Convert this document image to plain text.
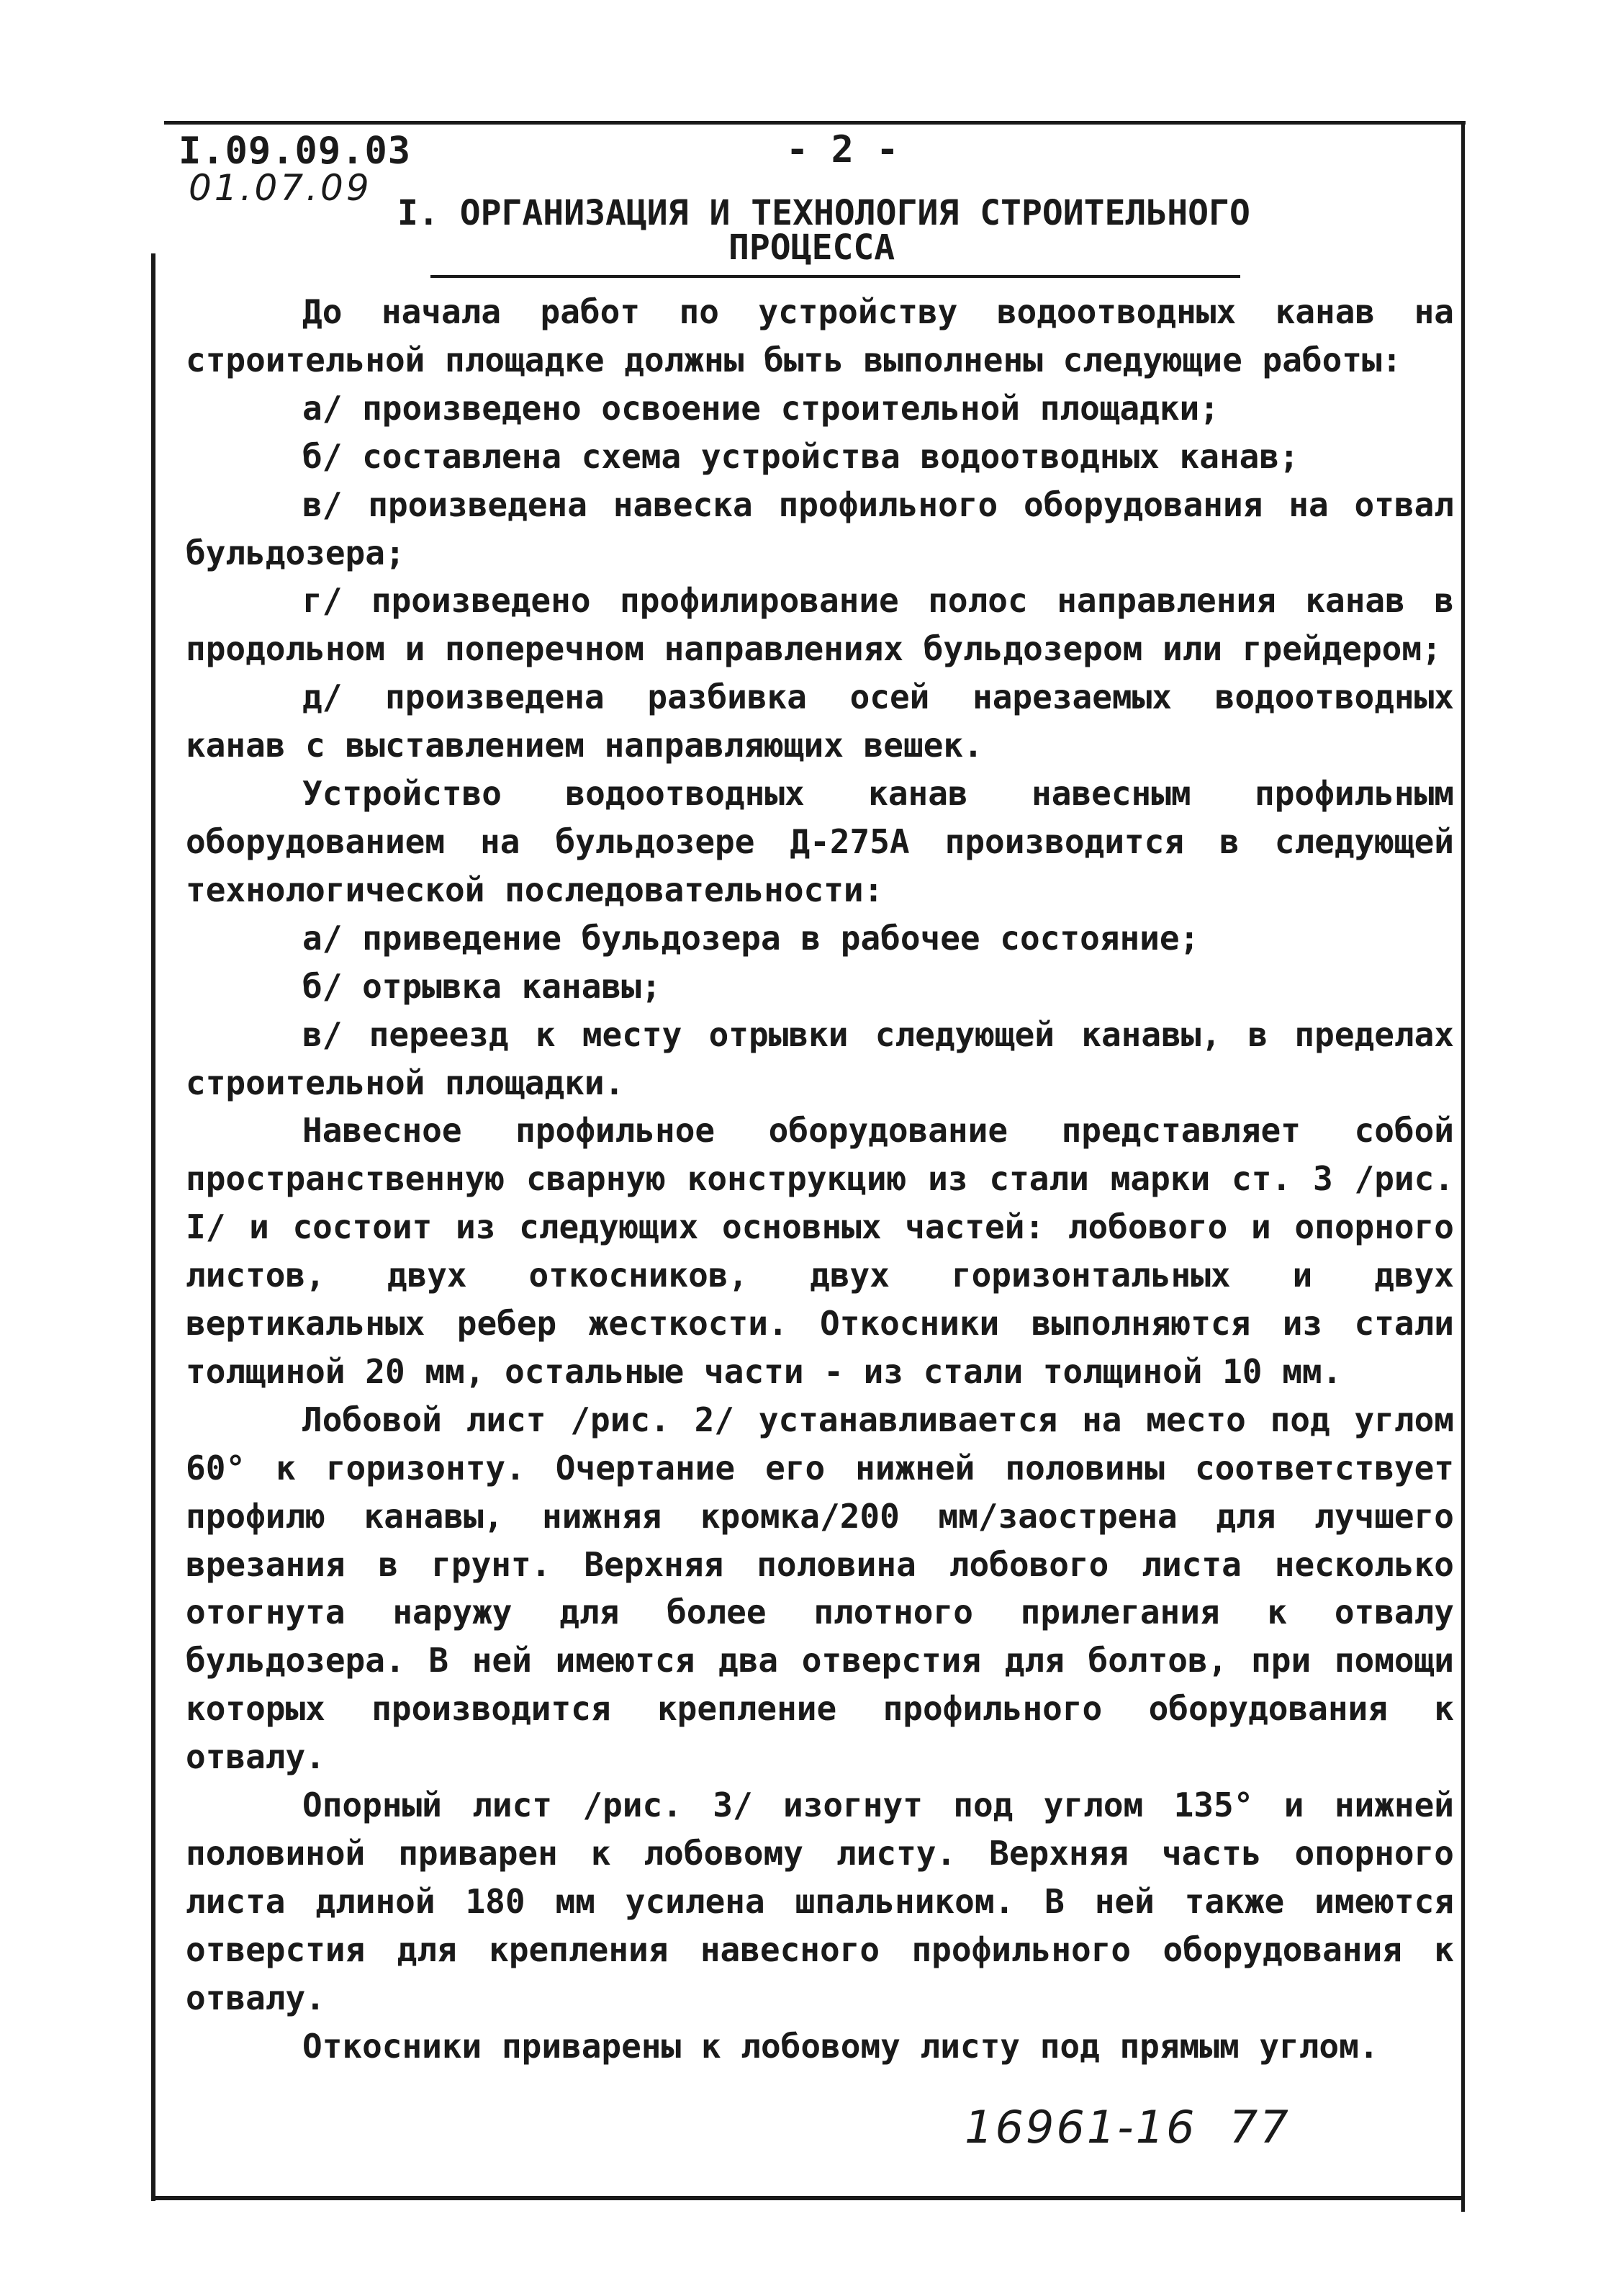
I.09.09.03
01.07.09
- 2 -
I. ОРГАНИЗАЦИЯ И ТЕХНОЛОГИЯ СТРОИТЕЛЬНОГО
ПРОЦЕССА

До начала работ по устройству водоотводных канав на строительной площадке должны быть выполнены следующие работы:

а/ произведено освоение строительной площадки;

б/ составлена схема устройства водоотводных канав;

в/ произведена навеска профильного оборудования на отвал бульдозера;

г/ произведено профилирование полос направления канав в продольном и поперечном направлениях бульдозером или грейдером;

д/ произведена разбивка осей нарезаемых водоотводных канав с выставлением направляющих вешек.

Устройство водоотводных канав навесным профильным оборудованием на бульдозере Д-275А производится в следующей технологической последовательности:

а/ приведение бульдозера в рабочее состояние;

б/ отрывка канавы;

в/ переезд к месту отрывки следующей канавы, в пределах строительной площадки.

Навесное профильное оборудование представляет собой пространственную сварную конструкцию из стали марки ст. 3 /рис. I/ и состоит из следующих основных частей: лобового и опорного листов, двух откосников, двух горизонтальных и двух вертикальных ребер жесткости. Откосники выполняются из стали толщиной 20 мм, остальные части - из стали толщиной 10 мм.

Лобовой лист /рис. 2/ устанавливается на место под углом 60° к горизонту. Очертание его нижней половины соответствует профилю канавы, нижняя кромка/200 мм/заострена для лучшего врезания в грунт. Верхняя половина лобового листа несколько отогнута наружу для более плотного прилегания к отвалу бульдозера. В ней имеются два отверстия для болтов, при помощи которых производится крепление профильного оборудования к отвалу.

Опорный лист /рис. 3/ изогнут под углом 135° и нижней половиной приварен к лобовому листу. Верхняя часть опорного листа длиной 180 мм усилена шпальником. В ней также имеются отверстия для крепления навесного профильного оборудования к отвалу.

Откосники приварены к лобовому листу под прямым углом.

16961-16  77
